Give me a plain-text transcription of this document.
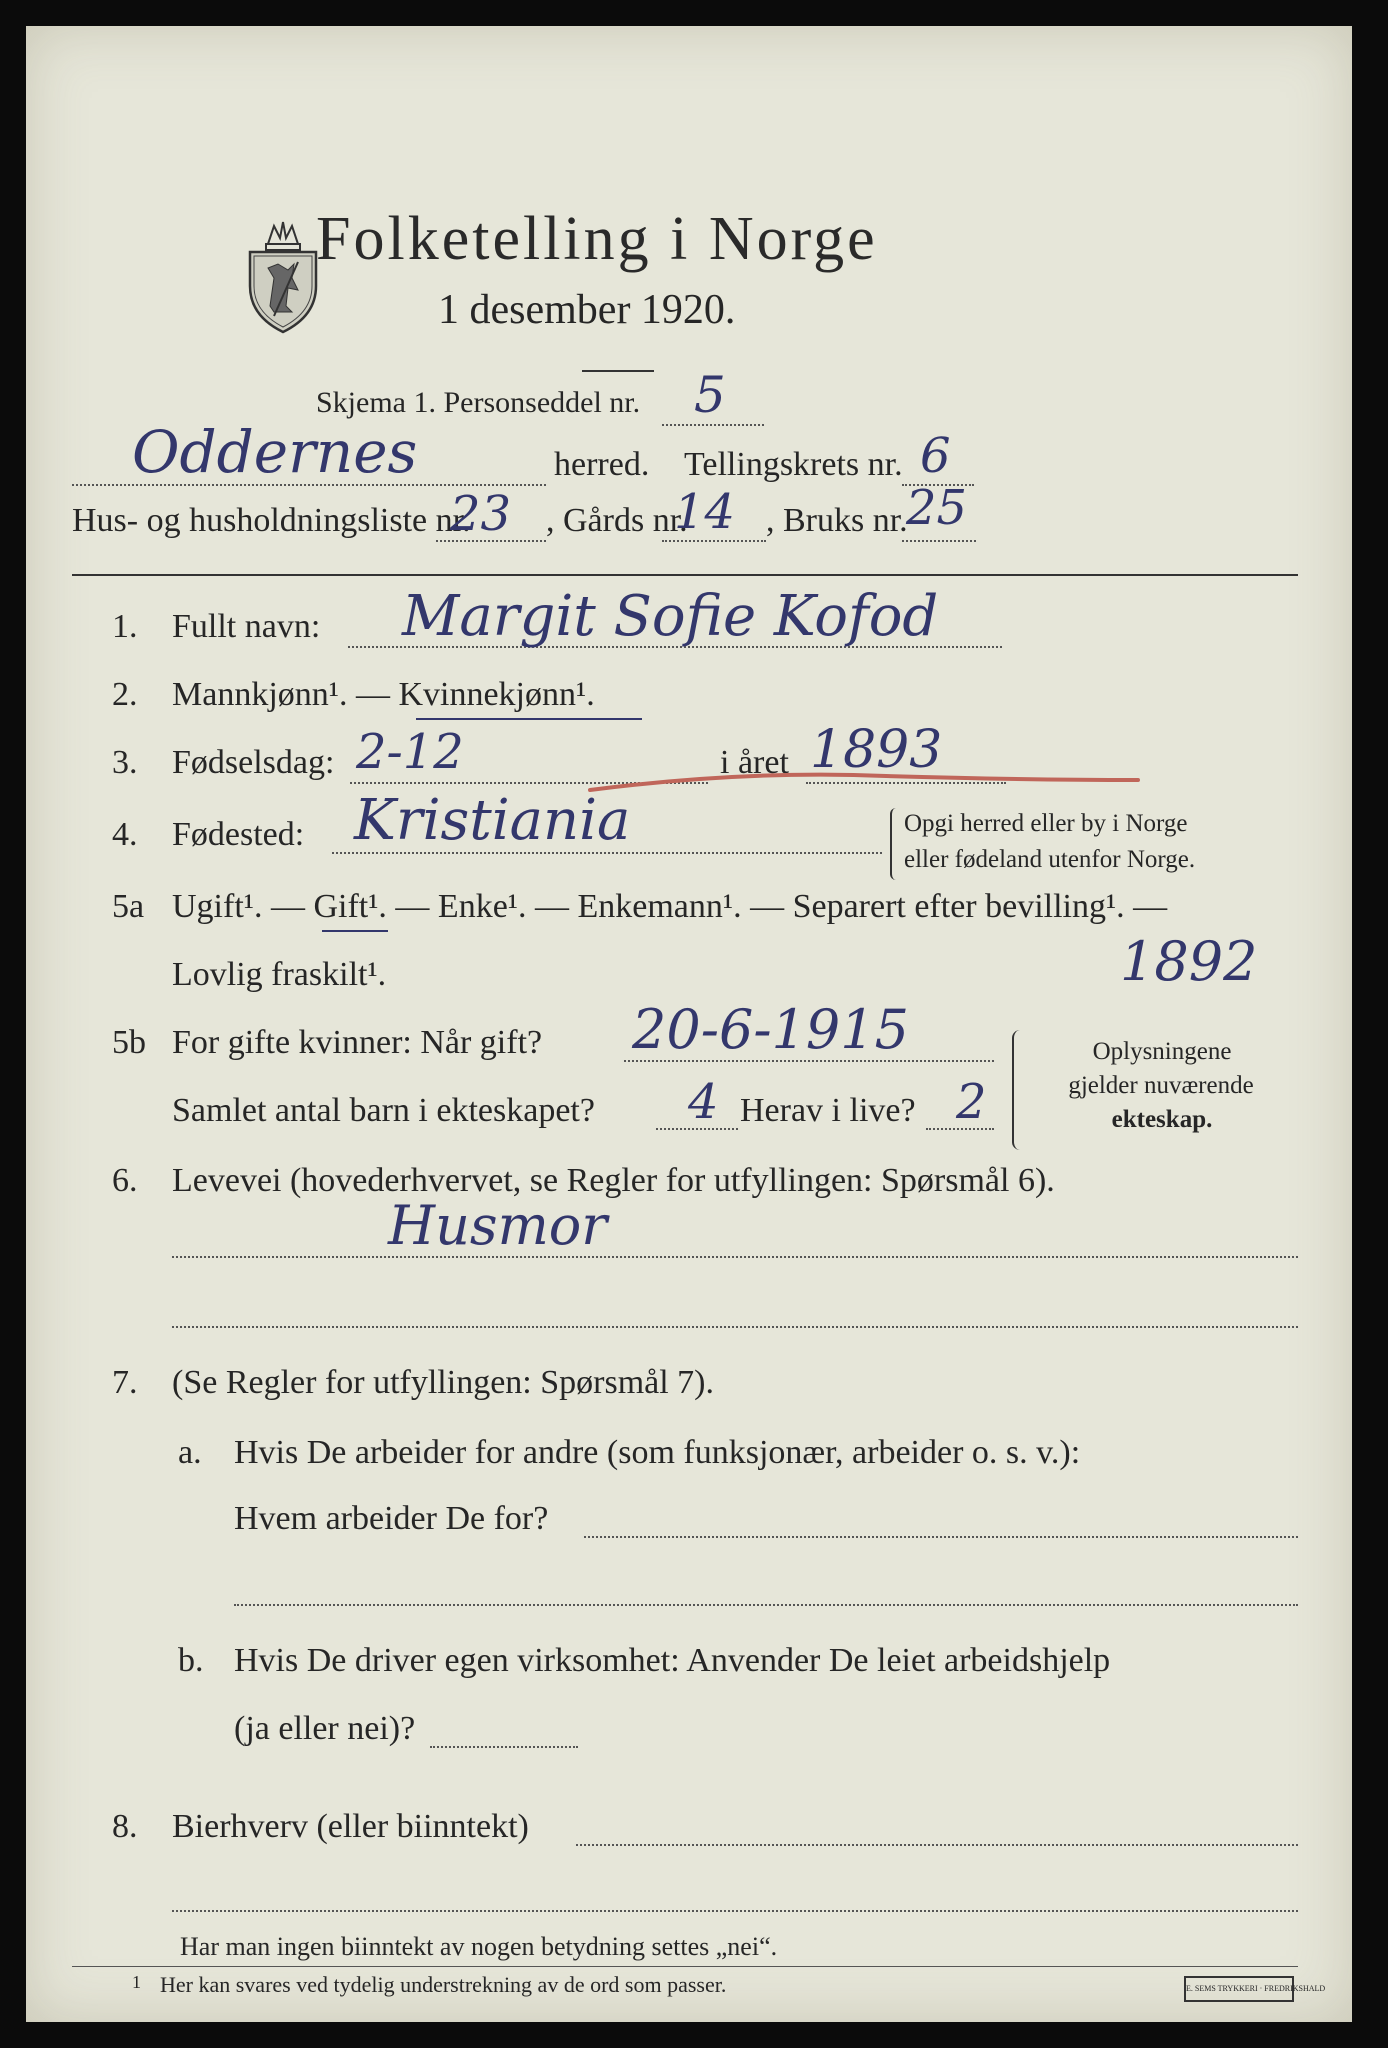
Folketelling i Norge
1 desember 1920.
Skjema 1. Personseddel nr. 5
Oddernes	herred. Tellingskrets nr. 6
Hus- og husholdningsliste nr.
23 , Gårds nr.
14 , Bruks nr.
25
1. Fullt navn: Margit Sofie Kofod
2. Mannkjønn¹. — Kvinnekjønn¹.
3. Fødselsdag: 2-12	i året 1893
4. Fødested: Kristiania	Opgi herred eller by i Norge
eller fødeland utenfor Norge.
5a Ugift¹. — Gift¹. — Enke¹. — Enkemann¹. — Separert efter bevilling¹. —
Lovlig fraskilt¹.	1892
5b For gifte kvinner: Når gift? 20-6-1915
Samlet antal barn i ekteskapet? 4 Herav i live? 2
Oplysningene
gjelder nuværende
ekteskap.
6. Levevei (hovederhvervet, se Regler for utfyllingen: Spørsmål 6).
Husmor
7. (Se Regler for utfyllingen: Spørsmål 7).
a. Hvis De arbeider for andre (som funksjonær, arbeider o. s. v.):
Hvem arbeider De for?
b. Hvis De driver egen virksomhet: Anvender De leiet arbeidshjelp
(ja eller nei)?
8. Bierhverv (eller biinntekt)
Har man ingen biinntekt av nogen betydning settes „nei“.
1 Her kan svares ved tydelig understrekning av de ord som passer.	E. SEMS TRYKKERI · FREDRIKSHALD
